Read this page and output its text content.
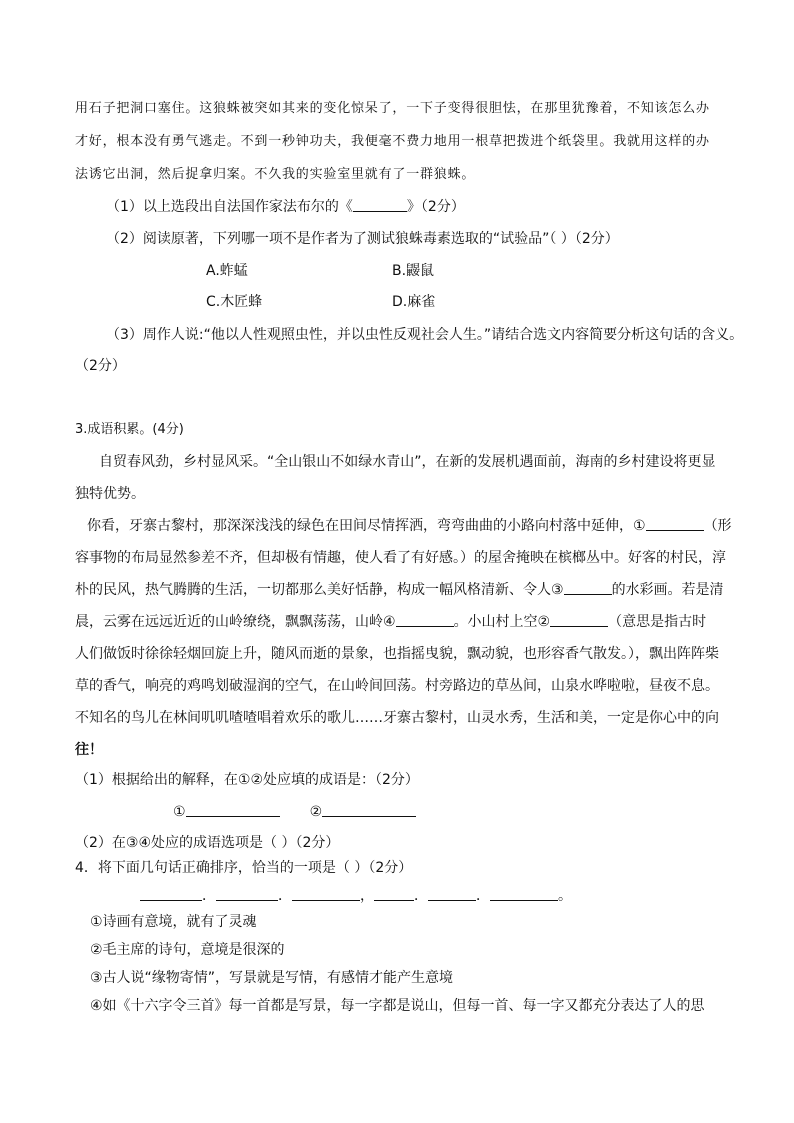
用石子把洞口塞住。这狼蛛被突如其来的变化惊呆了，一下子变得很胆怯，在那里犹豫着，不知该怎么办
才好，根本没有勇气逃走。不到一秒钟功夫，我便毫不费力地用一根草把拨进个纸袋里。我就用这样的办
法诱它出洞，然后捉拿归案。不久我的实验室里就有了一群狼蛛。
（1）以上选段出自法国作家法布尔的《	》（2分）
（2）阅读原著，下列哪一项不是作者为了测试狼蛛毒素选取的“试验品”（ ）（2分）
A.蚱蜢	B.鼹鼠
C.木匠蜂	D.麻雀
（3）周作人说:“他以人性观照虫性，并以虫性反观社会人生。”请结合选文内容简要分析这句话的含义。
（2分）
3.成语积累。(4分)
自贸春风劲，乡村显风采。“全山银山不如绿水青山”，在新的发展机遇面前，海南的乡村建设将更显
独特优势。
你看，牙寨古黎村，那深深浅浅的绿色在田间尽情挥洒，弯弯曲曲的小路向村落中延伸，①	（形
容事物的布局显然参差不齐，但却极有情趣，使人看了有好感。）的屋舍掩映在槟榔丛中。好客的村民，淳
朴的民风，热气腾腾的生活，一切都那么美好恬静，构成一幅风格清新、令人③	的水彩画。若是清
晨，云雾在远远近近的山岭缭绕，飘飘荡荡，山岭④	。小山村上空②	（意思是指古时
人们做饭时徐徐轻烟回旋上升，随风而逝的景象，也指摇曳貌，飘动貌，也形容香气散发。），飘出阵阵柴
草的香气，响亮的鸡鸣划破湿润的空气，在山岭间回荡。村旁路边的草丛间，山泉水哗啦啦，昼夜不息。
不知名的鸟儿在林间叽叽喳喳唱着欢乐的歌儿……牙寨古黎村，山灵水秀，生活和美，一定是你心中的向
往！
（1）根据给出的解释，在①②处应填的成语是：（2分）
①	②
（2）在③④处应的成语选项是（ ）（2分）
4．将下面几句话正确排序，恰当的一项是（ ）（2分）
．	．	，	．	．	。
①诗画有意境，就有了灵魂
②毛主席的诗句，意境是很深的
③古人说“缘物寄情”，写景就是写情，有感情才能产生意境
④如《十六字令三首》每一首都是写景，每一字都是说山，但每一首、每一字又都充分表达了人的思
